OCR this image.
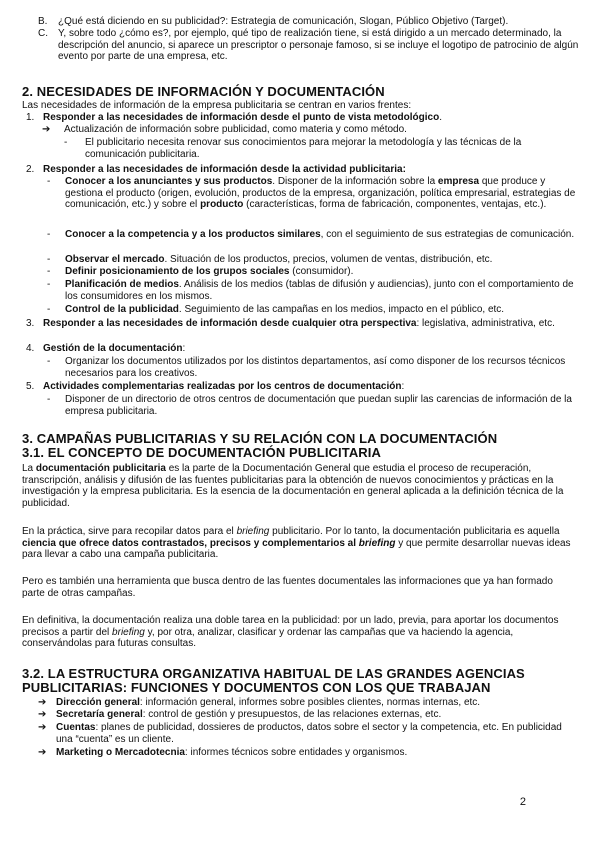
B. ¿Qué está diciendo en su publicidad?: Estrategia de comunicación, Slogan, Público Objetivo (Target).
C. Y, sobre todo ¿cómo es?, por ejemplo, qué tipo de realización tiene, si está dirigido a un mercado determinado, la descripción del anuncio, si aparece un prescriptor o personaje famoso, si se incluye el logotipo de patrocinio de algún evento por parte de una empresa, etc.
2. NECESIDADES DE INFORMACIÓN Y DOCUMENTACIÓN
Las necesidades de información de la empresa publicitaria se centran en varios frentes:
1. Responder a las necesidades de información desde el punto de vista metodológico.
➔ Actualización de información sobre publicidad, como materia y como método.
- El publicitario necesita renovar sus conocimientos para mejorar la metodología y las técnicas de la comunicación publicitaria.
2. Responder a las necesidades de información desde la actividad publicitaria:
- Conocer a los anunciantes y sus productos. Disponer de la información sobre la empresa que produce y gestiona el producto (origen, evolución, productos de la empresa, organización, política empresarial, estrategias de comunicación, etc.) y sobre el producto (características, forma de fabricación, componentes, ventajas, etc.).
- Conocer a la competencia y a los productos similares, con el seguimiento de sus estrategias de comunicación.
- Observar el mercado. Situación de los productos, precios, volumen de ventas, distribución, etc.
- Definir posicionamiento de los grupos sociales (consumidor).
- Planificación de medios. Análisis de los medios (tablas de difusión y audiencias), junto con el comportamiento de los consumidores en los mismos.
- Control de la publicidad. Seguimiento de las campañas en los medios, impacto en el público, etc.
3. Responder a las necesidades de información desde cualquier otra perspectiva: legislativa, administrativa, etc.
4. Gestión de la documentación:
- Organizar los documentos utilizados por los distintos departamentos, así como disponer de los recursos técnicos necesarios para los creativos.
5. Actividades complementarias realizadas por los centros de documentación:
- Disponer de un directorio de otros centros de documentación que puedan suplir las carencias de información de la empresa publicitaria.
3. CAMPAÑAS PUBLICITARIAS Y SU RELACIÓN CON LA DOCUMENTACIÓN
3.1. EL CONCEPTO DE DOCUMENTACIÓN PUBLICITARIA
La documentación publicitaria es la parte de la Documentación General que estudia el proceso de recuperación, transcripción, análisis y difusión de las fuentes publicitarias para la obtención de nuevos conocimientos y prácticas en la investigación y la empresa publicitaria. Es la esencia de la documentación en general aplicada a la definición técnica de la publicidad.
En la práctica, sirve para recopilar datos para el briefing publicitario. Por lo tanto, la documentación publicitaria es aquella ciencia que ofrece datos contrastados, precisos y complementarios al briefing y que permite desarrollar nuevas ideas para llevar a cabo una campaña publicitaria.
Pero es también una herramienta que busca dentro de las fuentes documentales las informaciones que ya han formado parte de otras campañas.
En definitiva, la documentación realiza una doble tarea en la publicidad: por un lado, previa, para aportar los documentos precisos a partir del briefing y, por otra, analizar, clasificar y ordenar las campañas que va haciendo la agencia, conservándolas para futuras consultas.
3.2. LA ESTRUCTURA ORGANIZATIVA HABITUAL DE LAS GRANDES AGENCIAS PUBLICITARIAS: FUNCIONES Y DOCUMENTOS CON LOS QUE TRABAJAN
➔ Dirección general: información general, informes sobre posibles clientes, normas internas, etc.
➔ Secretaría general: control de gestión y presupuestos, de las relaciones externas, etc.
➔ Cuentas: planes de publicidad, dossieres de productos, datos sobre el sector y la competencia, etc. En publicidad una “cuenta” es un cliente.
➔ Marketing o Mercadotecnia: informes técnicos sobre entidades y organismos.
2
